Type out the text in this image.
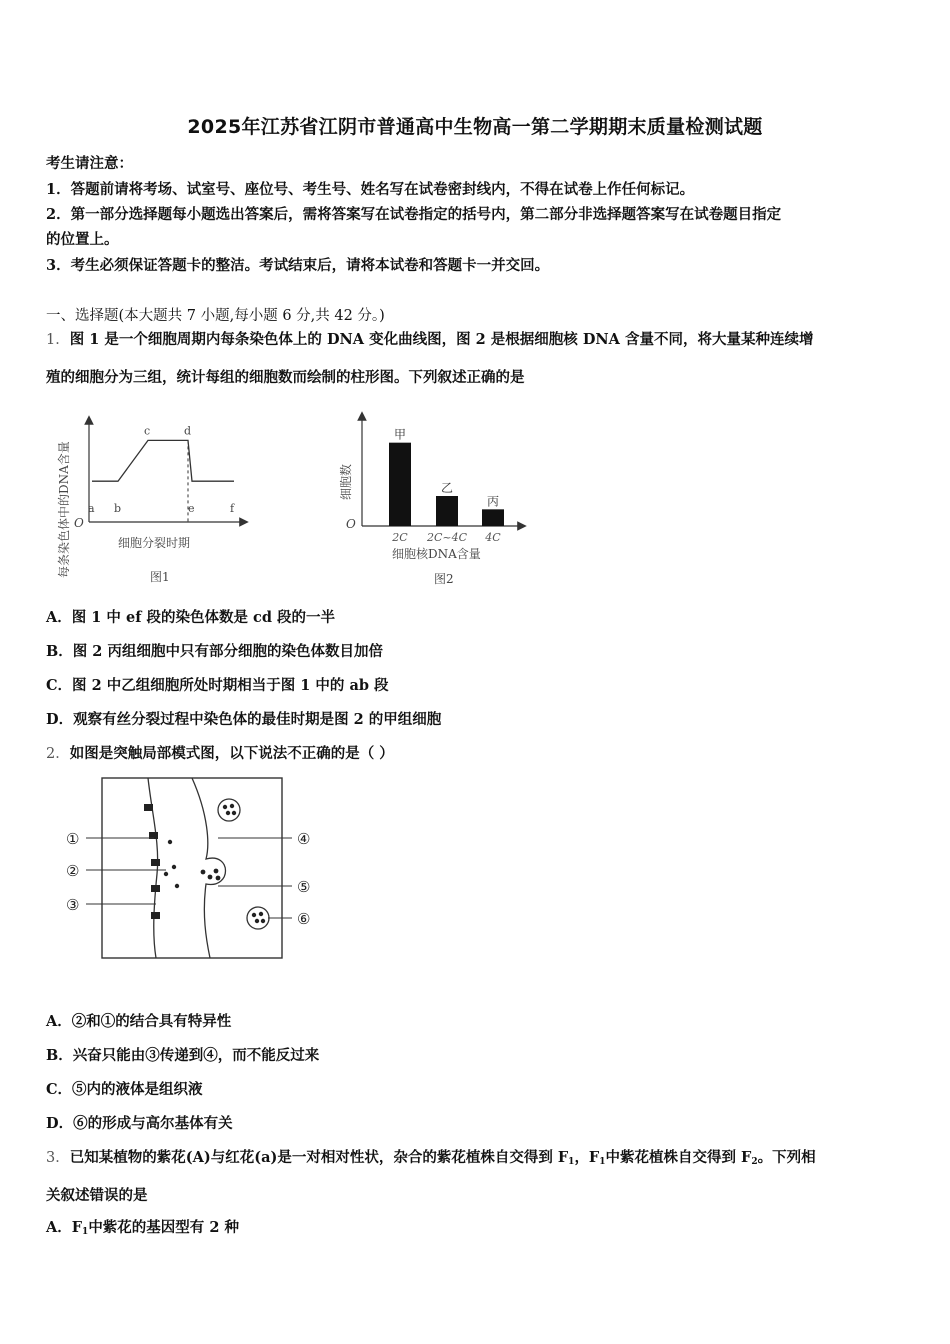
2025年江苏省江阴市普通高中生物高一第二学期期末质量检测试题
考生请注意：
1．答题前请将考场、试室号、座位号、考生号、姓名写在试卷密封线内，不得在试卷上作任何标记。
2．第一部分选择题每小题选出答案后，需将答案写在试卷指定的括号内，第二部分非选择题答案写在试卷题目指定
的位置上。
3．考生必须保证答题卡的整洁。考试结束后，请将本试卷和答题卡一并交回。
一、选择题(本大题共 7 小题,每小题 6 分,共 42 分。)
1．图 1 是一个细胞周期内每条染色体上的 DNA 变化曲线图，图 2 是根据细胞核 DNA 含量不同，将大量某种连续增
殖的细胞分为三组，统计每组的细胞数而绘制的柱形图。下列叙述正确的是
每条染色体中的DNA含量 O
细胞分裂时期
图1
a b
c	d
e	f
细胞数
O
细胞核DNA含量
图2
甲
2C
乙
2C~4C
丙
4C
A．图 1 中 ef 段的染色体数是 cd 段的一半
B．图 2 丙组细胞中只有部分细胞的染色体数目加倍
C．图 2 中乙组细胞所处时期相当于图 1 中的 ab 段
D．观察有丝分裂过程中染色体的最佳时期是图 2 的甲组细胞
2．如图是突触局部模式图，以下说法不正确的是（ ）
①
②
③
④
⑤
⑥
A．②和①的结合具有特异性
B．兴奋只能由③传递到④，而不能反过来
C．⑤内的液体是组织液
D．⑥的形成与高尔基体有关
3．已知某植物的紫花(A)与红花(a)是一对相对性状，杂合的紫花植株自交得到 $F_1$，$F_1$中紫花植株自交得到 $F_2$。下列相
关叙述错误的是
A．$F_1$中紫花的基因型有 2 种
